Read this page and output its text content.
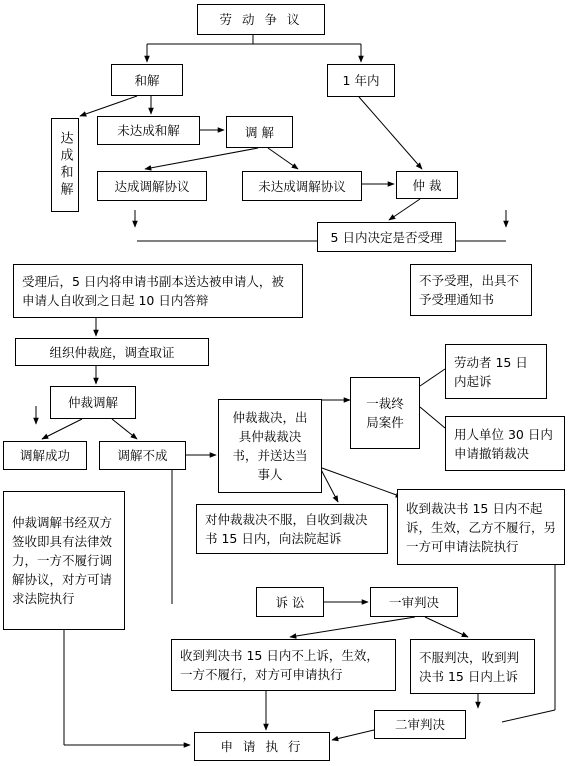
劳 动 争 议
和解	1 年内
达成和解
未达成和解	调 解
达成调解协议	未达成调解协议	仲 裁
5 日内决定是否受理
受理后，5 日内将申请书副本送达被申请人，被申请人自收到之日起 10 日内答辩
不予受理，出具不予受理通知书
组织仲裁庭，调查取证
仲裁调解
调解成功	调解不成
仲裁裁决，出具仲裁裁决书，并送达当事人
一裁终局案件
劳动者 15 日内起诉
用人单位 30 日内申请撤销裁决
对仲裁裁决不服，自收到裁决书 15 日内，向法院起诉
收到裁决书 15 日内不起诉，生效，乙方不履行，另一方可申请法院执行
仲裁调解书经双方签收即具有法律效力，一方不履行调解协议，对方可请求法院执行	诉 讼	一审判决
收到判决书 15 日内不上诉，生效，一方不履行，对方可申请执行
不服判决，收到判决书 15 日内上诉
二审判决
申 请 执 行
